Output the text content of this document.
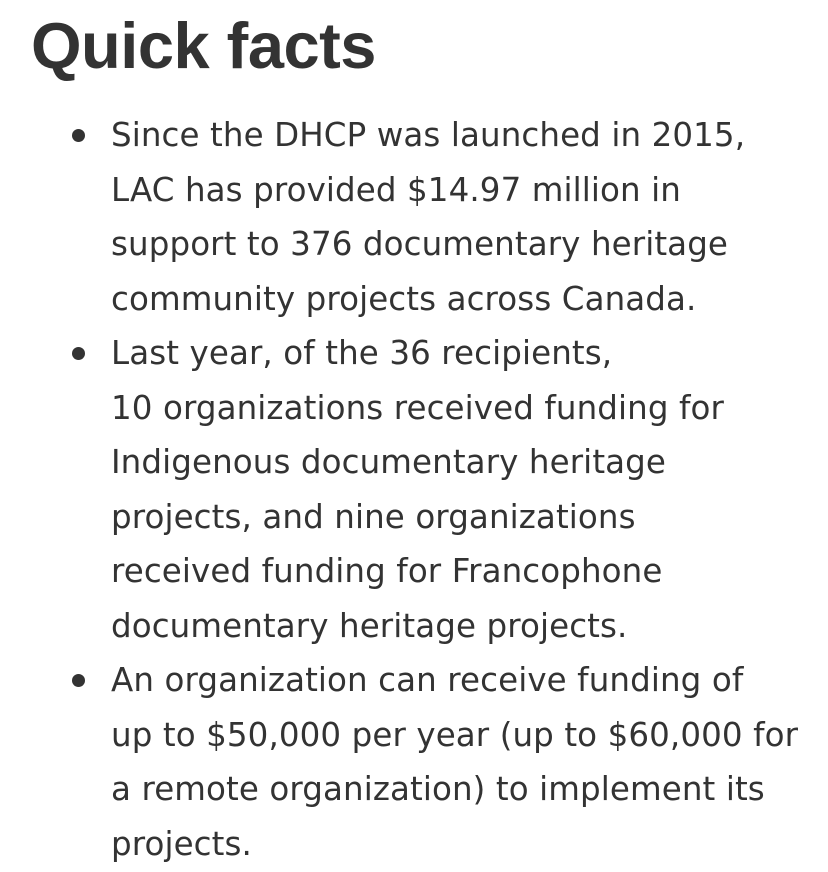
Quick facts
Since the DHCP was launched in 2015,
LAC has provided $14.97 million in
support to 376 documentary heritage
community projects across Canada.
Last year, of the 36 recipients,
10 organizations received funding for
Indigenous documentary heritage
projects, and nine organizations
received funding for Francophone
documentary heritage projects.
An organization can receive funding of
up to $50,000 per year (up to $60,000 for
a remote organization) to implement its
projects.
